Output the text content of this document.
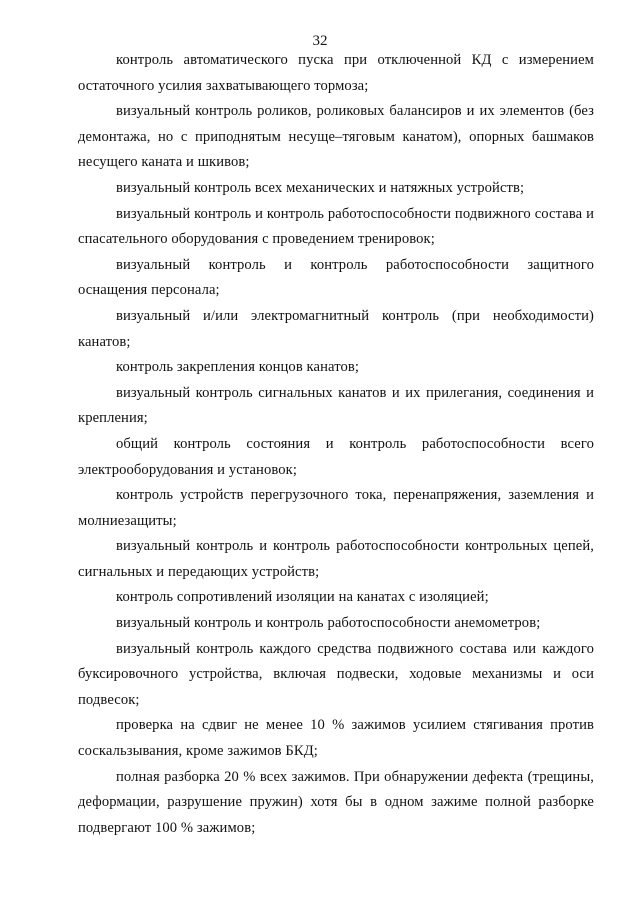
32

контроль автоматического пуска при отключенной КД с измерением остаточного усилия захватывающего тормоза;

визуальный контроль роликов, роликовых балансиров и их элементов (без демонтажа, но с приподнятым несуще–тяговым канатом), опорных башмаков несущего каната и шкивов;

визуальный контроль всех механических и натяжных устройств;

визуальный контроль и контроль работоспособности подвижного состава и спасательного оборудования с проведением тренировок;

визуальный контроль и контроль работоспособности защитного оснащения персонала;

визуальный и/или электромагнитный контроль (при необходимости) канатов;

контроль закрепления концов канатов;

визуальный контроль сигнальных канатов и их прилегания, соединения и крепления;

общий контроль состояния и контроль работоспособности всего электрооборудования и установок;

контроль устройств перегрузочного тока, перенапряжения, заземления и молниезащиты;

визуальный контроль и контроль работоспособности контрольных цепей, сигнальных и передающих устройств;

контроль сопротивлений изоляции на канатах с изоляцией;

визуальный контроль и контроль работоспособности анемометров;

визуальный контроль каждого средства подвижного состава или каждого буксировочного устройства, включая подвески, ходовые механизмы и оси подвесок;

проверка на сдвиг не менее 10 % зажимов усилием стягивания против соскальзывания, кроме зажимов БКД;

полная разборка 20 % всех зажимов. При обнаружении дефекта (трещины, деформации, разрушение пружин) хотя бы в одном зажиме полной разборке подвергают 100 % зажимов;
